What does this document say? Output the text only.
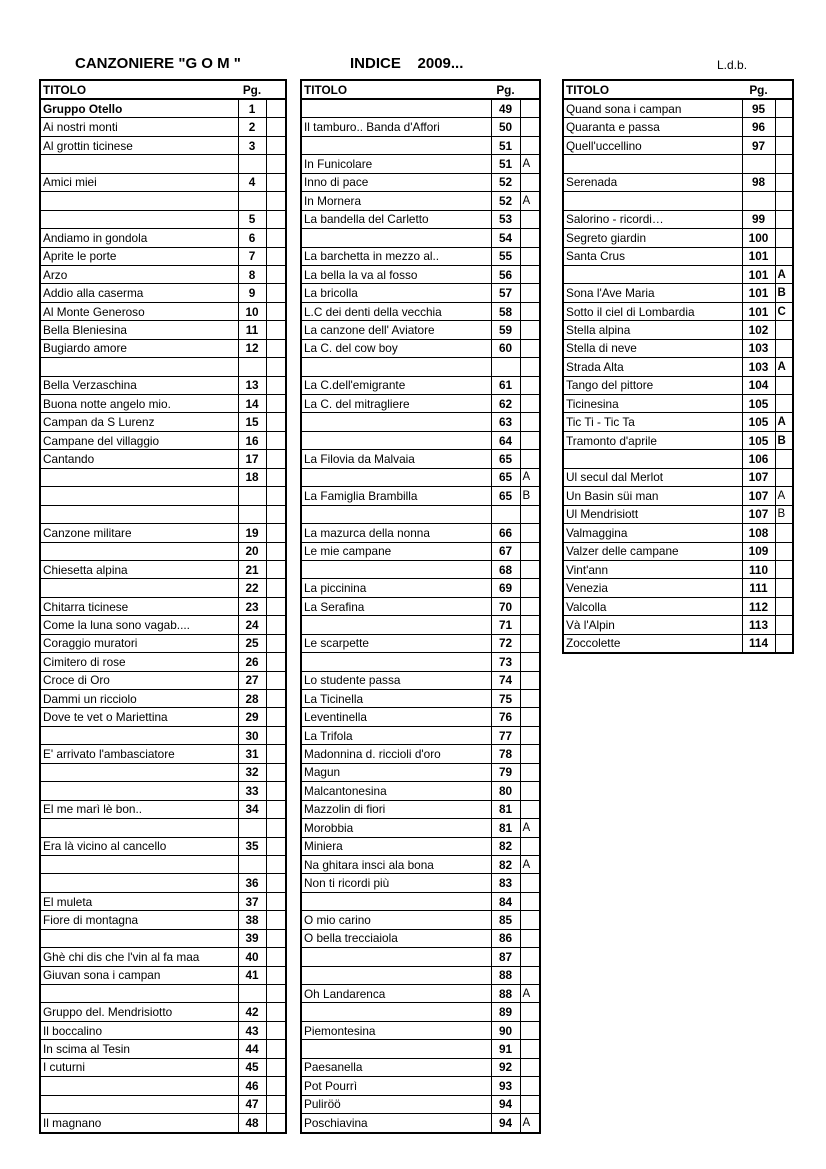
CANZONIERE "G O M "	INDICE    2009...	L.d.b.
TITOLO	Pg.	
Gruppo Otello	1	
Ai nostri monti	2	
Al grottin ticinese	3	

Amici miei	4	

	5	
Andiamo in gondola	6	
Aprite le porte	7	
Arzo	8	
Addio alla caserma	9	
Al Monte Generoso	10	
Bella Bleniesina	11	
Bugiardo amore	12	

Bella Verzaschina	13	
Buona notte angelo mio.	14	
Campan da S Lurenz	15	
Campane del villaggio	16	
Cantando	17	
	18	

Canzone militare	19	
	20	
Chiesetta alpina	21	
	22	
Chitarra ticinese	23	
Come la luna sono vagab....	24	
Coraggio muratori	25	
Cimitero di rose	26	
Croce di Oro	27	
Dammi un ricciolo	28	
Dove te vet o Mariettina	29	
	30	
E' arrivato l'ambasciatore	31	
	32	
	33	
El me marì lè bon..	34	

Era là vicino al cancello	35	

	36	
El muleta	37	
Fiore di montagna	38	
	39	
Ghè chi dis che l'vin al fa maa	40	
Giuvan sona i campan	41	

Gruppo del. Mendrisiotto	42	
Il boccalino	43	
In scima al Tesin	44	
I cuturni	45	
	46	
	47	
Il magnano	48	
TITOLO	Pg.	
	49	
Il tamburo.. Banda d'Affori	50	
	51	
In Funicolare	51	A
Inno di pace	52	
In Mornera	52	A
La bandella del Carletto	53	
	54	
La barchetta in mezzo al..	55	
La bella la va al fosso	56	
La bricolla	57	
L.C dei denti della vecchia	58	
La canzone dell' Aviatore	59	
La C. del cow boy	60	

La C.dell'emigrante	61	
La C. del mitragliere	62	
	63	
	64	
La Filovia da Malvaia	65	
	65	A
La Famiglia Brambilla	65	B

La mazurca della nonna	66	
Le mie campane	67	
	68	
La piccinina	69	
La Serafina	70	
	71	
Le scarpette	72	
	73	
Lo studente passa	74	
La Ticinella	75	
Leventinella	76	
La Trifola	77	
Madonnina d. riccioli d'oro	78	
Magun	79	
Malcantonesina	80	
Mazzolin di fiori	81	
Morobbia	81	A
Miniera	82	
Na ghitara insci ala bona	82	A
Non ti ricordi più	83	
	84	
O mio carino	85	
O bella trecciaiola	86	
	87	
	88	
Oh Landarenca	88	A
	89	
Piemontesina	90	
	91	
Paesanella	92	
Pot Pourrì	93	
Puliröö	94	
Poschiavina	94	A
TITOLO	Pg.	
Quand sona i campan	95	
Quaranta e passa	96	
Quell'uccellino	97	

Serenada	98	

Salorino - ricordi…	99	
Segreto giardin	100	
Santa Crus	101	
	101	A
Sona l'Ave Maria	101	B
Sotto il ciel di Lombardia	101	C
Stella alpina	102	
Stella di neve	103	
Strada Alta	103	A
Tango del pittore	104	
Ticinesina	105	
Tic Ti - Tic Ta	105	A
Tramonto d'aprile	105	B
	106	
Ul secul dal Merlot	107	
Un Basin süi man	107	A
Ul Mendrisiott	107	B
Valmaggina	108	
Valzer delle campane	109	
Vint'ann	110	
Venezia	111	
Valcolla	112	
Và l'Alpin	113	
Zoccolette	114	
